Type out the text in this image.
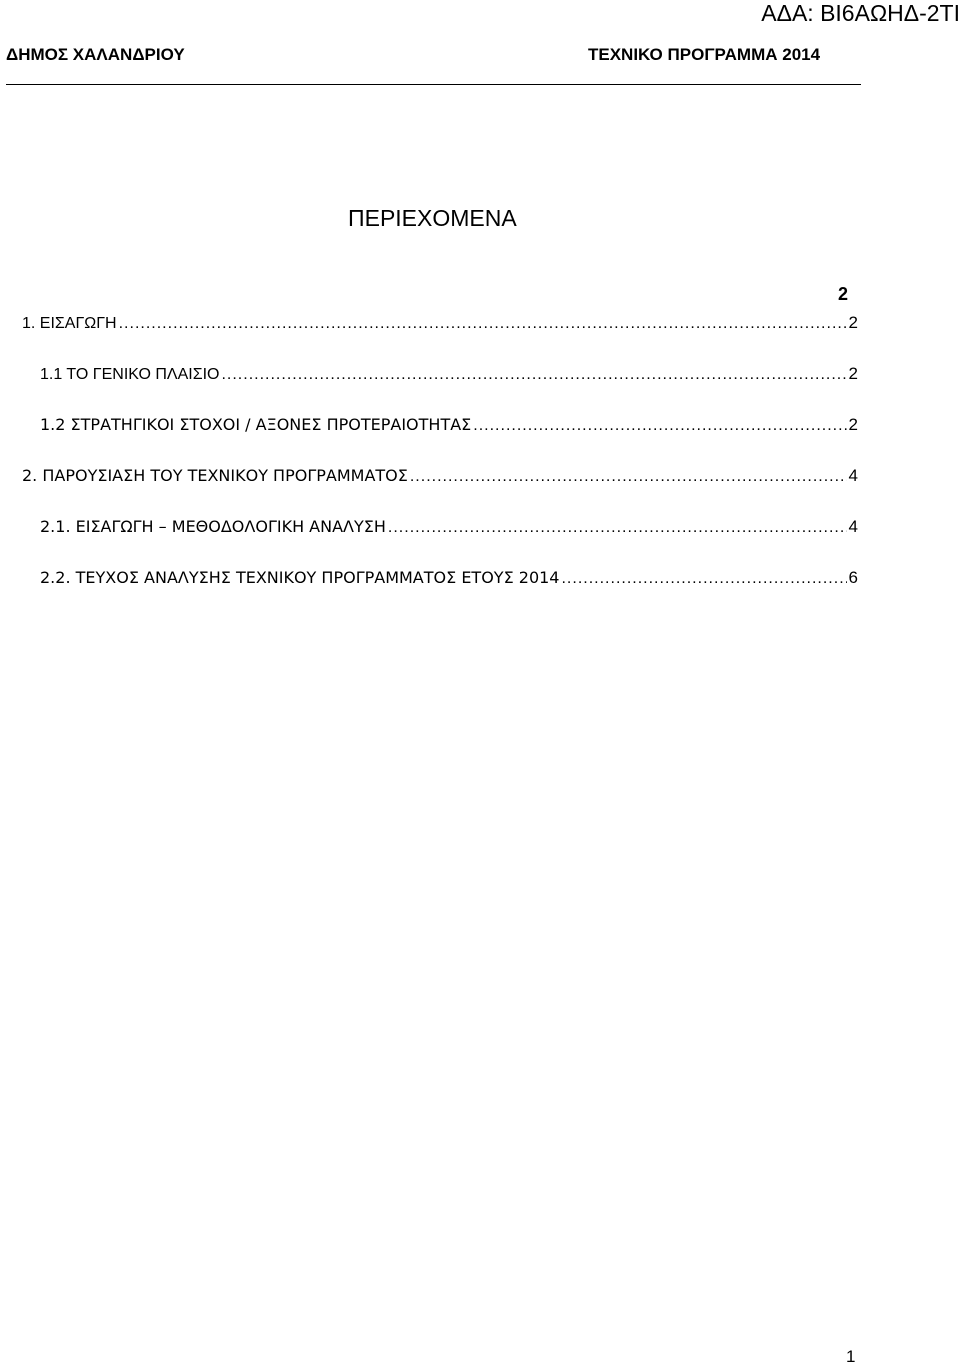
ΑΔΑ: ΒΙ6ΑΩΗΔ-2ΤΙ
ΔΗΜΟΣ ΧΑΛΑΝΔΡΙΟΥ	ΤΕΧΝΙΚΟ ΠΡΟΓΡΑΜΜΑ 2014
ΠΕΡΙΕΧΟΜΕΝΑ
2
1. ΕΙΣΑΓΩΓΗ .....	2
1.1 ΤΟ ΓΕΝΙΚΟ ΠΛΑΙΣΙΟ .....	2
1.2 ΣΤΡΑΤΗΓΙΚΟΙ ΣΤΟΧΟΙ / ΑΞΟΝΕΣ ΠΡΟΤΕΡΑΙΟΤΗΤΑΣ .....	2
2. ΠΑΡΟΥΣΙΑΣΗ ΤΟΥ ΤΕΧΝΙΚΟΥ ΠΡΟΓΡΑΜΜΑΤΟΣ .....	4
2.1. ΕΙΣΑΓΩΓΗ – ΜΕΘΟΔΟΛΟΓΙΚΗ ΑΝΑΛΥΣΗ .....	4
2.2. ΤΕΥΧΟΣ ΑΝΑΛΥΣΗΣ ΤΕΧΝΙΚΟΥ ΠΡΟΓΡΑΜΜΑΤΟΣ ΕΤΟΥΣ 2014 .....	6
1
